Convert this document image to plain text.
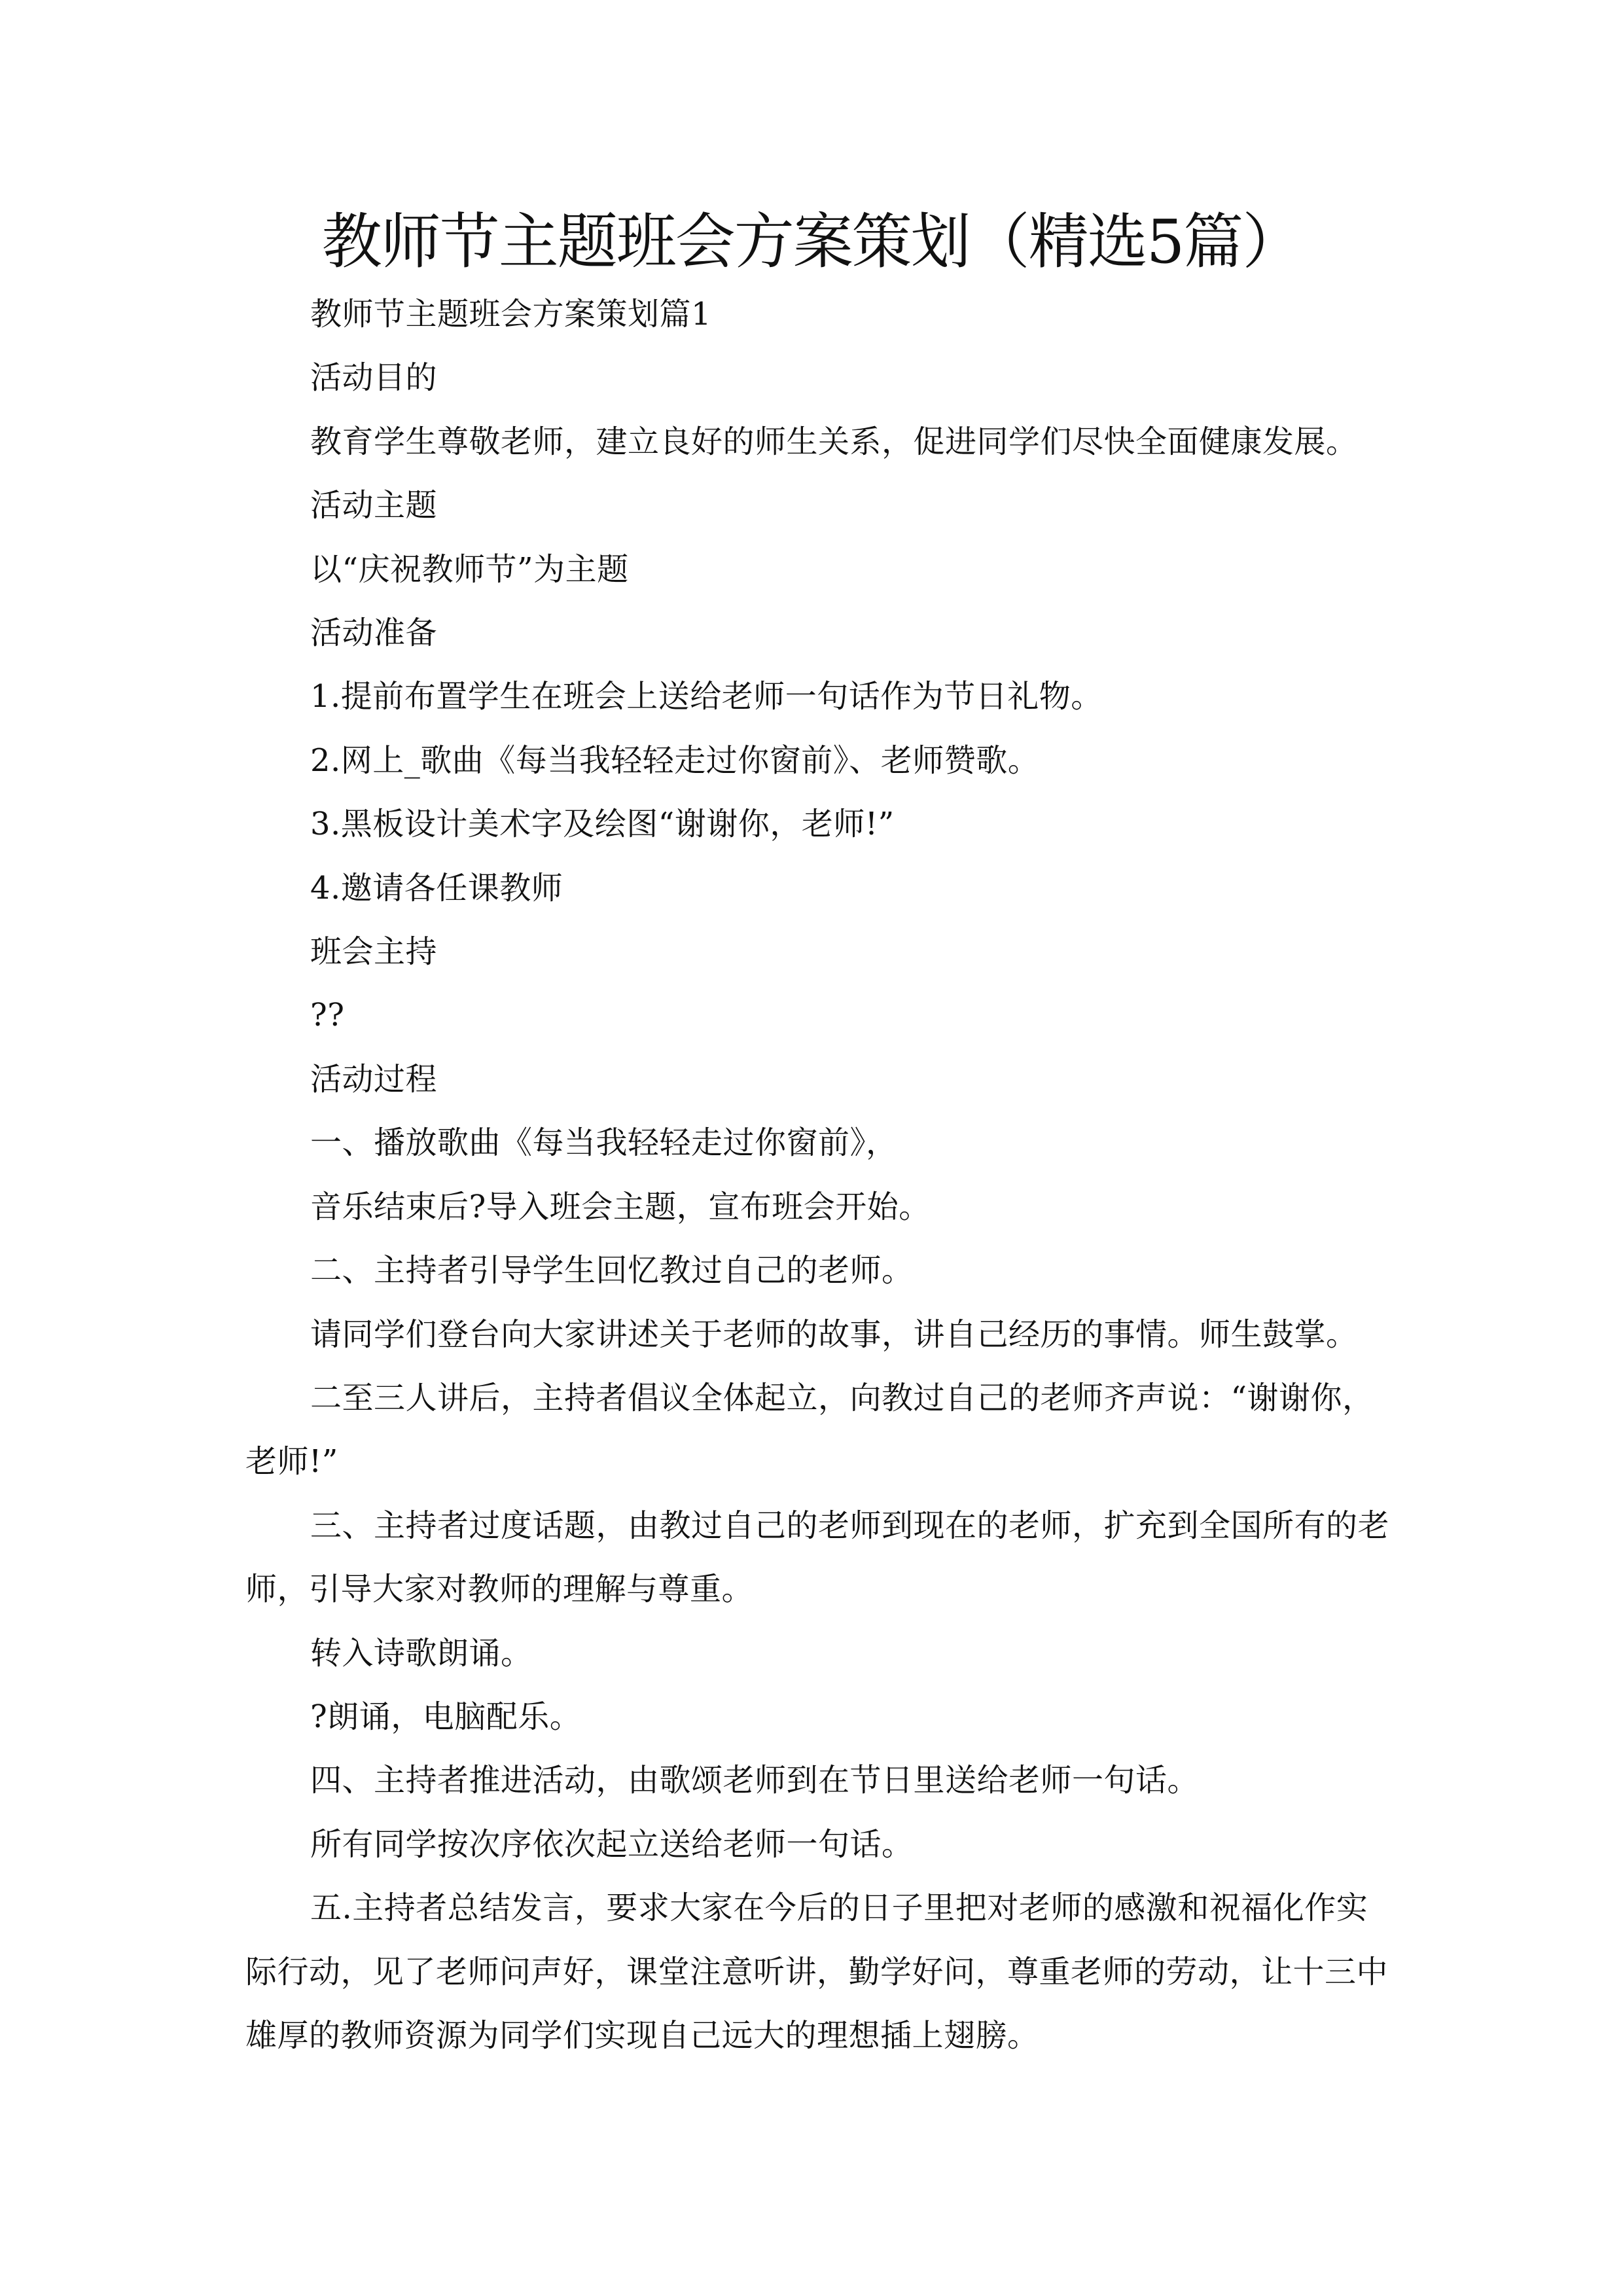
教师节主题班会方案策划（精选5篇）

教师节主题班会方案策划篇1

活动目的

教育学生尊敬老师，建立良好的师生关系，促进同学们尽快全面健康发展。

活动主题

以“庆祝教师节”为主题

活动准备

1.提前布置学生在班会上送给老师一句话作为节日礼物。

2.网上_歌曲《每当我轻轻走过你窗前》、老师赞歌。

3.黑板设计美术字及绘图“谢谢你，老师!”

4.邀请各任课教师

班会主持

??

活动过程

一、播放歌曲《每当我轻轻走过你窗前》，

音乐结束后?导入班会主题，宣布班会开始。

二、主持者引导学生回忆教过自己的老师。

请同学们登台向大家讲述关于老师的故事，讲自己经历的事情。师生鼓掌。

二至三人讲后，主持者倡议全体起立，向教过自己的老师齐声说：“谢谢你，老师!”

三、主持者过度话题，由教过自己的老师到现在的老师，扩充到全国所有的老师，引导大家对教师的理解与尊重。

转入诗歌朗诵。

?朗诵，电脑配乐。

四、主持者推进活动，由歌颂老师到在节日里送给老师一句话。

所有同学按次序依次起立送给老师一句话。

五.主持者总结发言，要求大家在今后的日子里把对老师的感激和祝福化作实际行动，见了老师问声好，课堂注意听讲，勤学好问，尊重老师的劳动，让十三中雄厚的教师资源为同学们实现自己远大的理想插上翅膀。
